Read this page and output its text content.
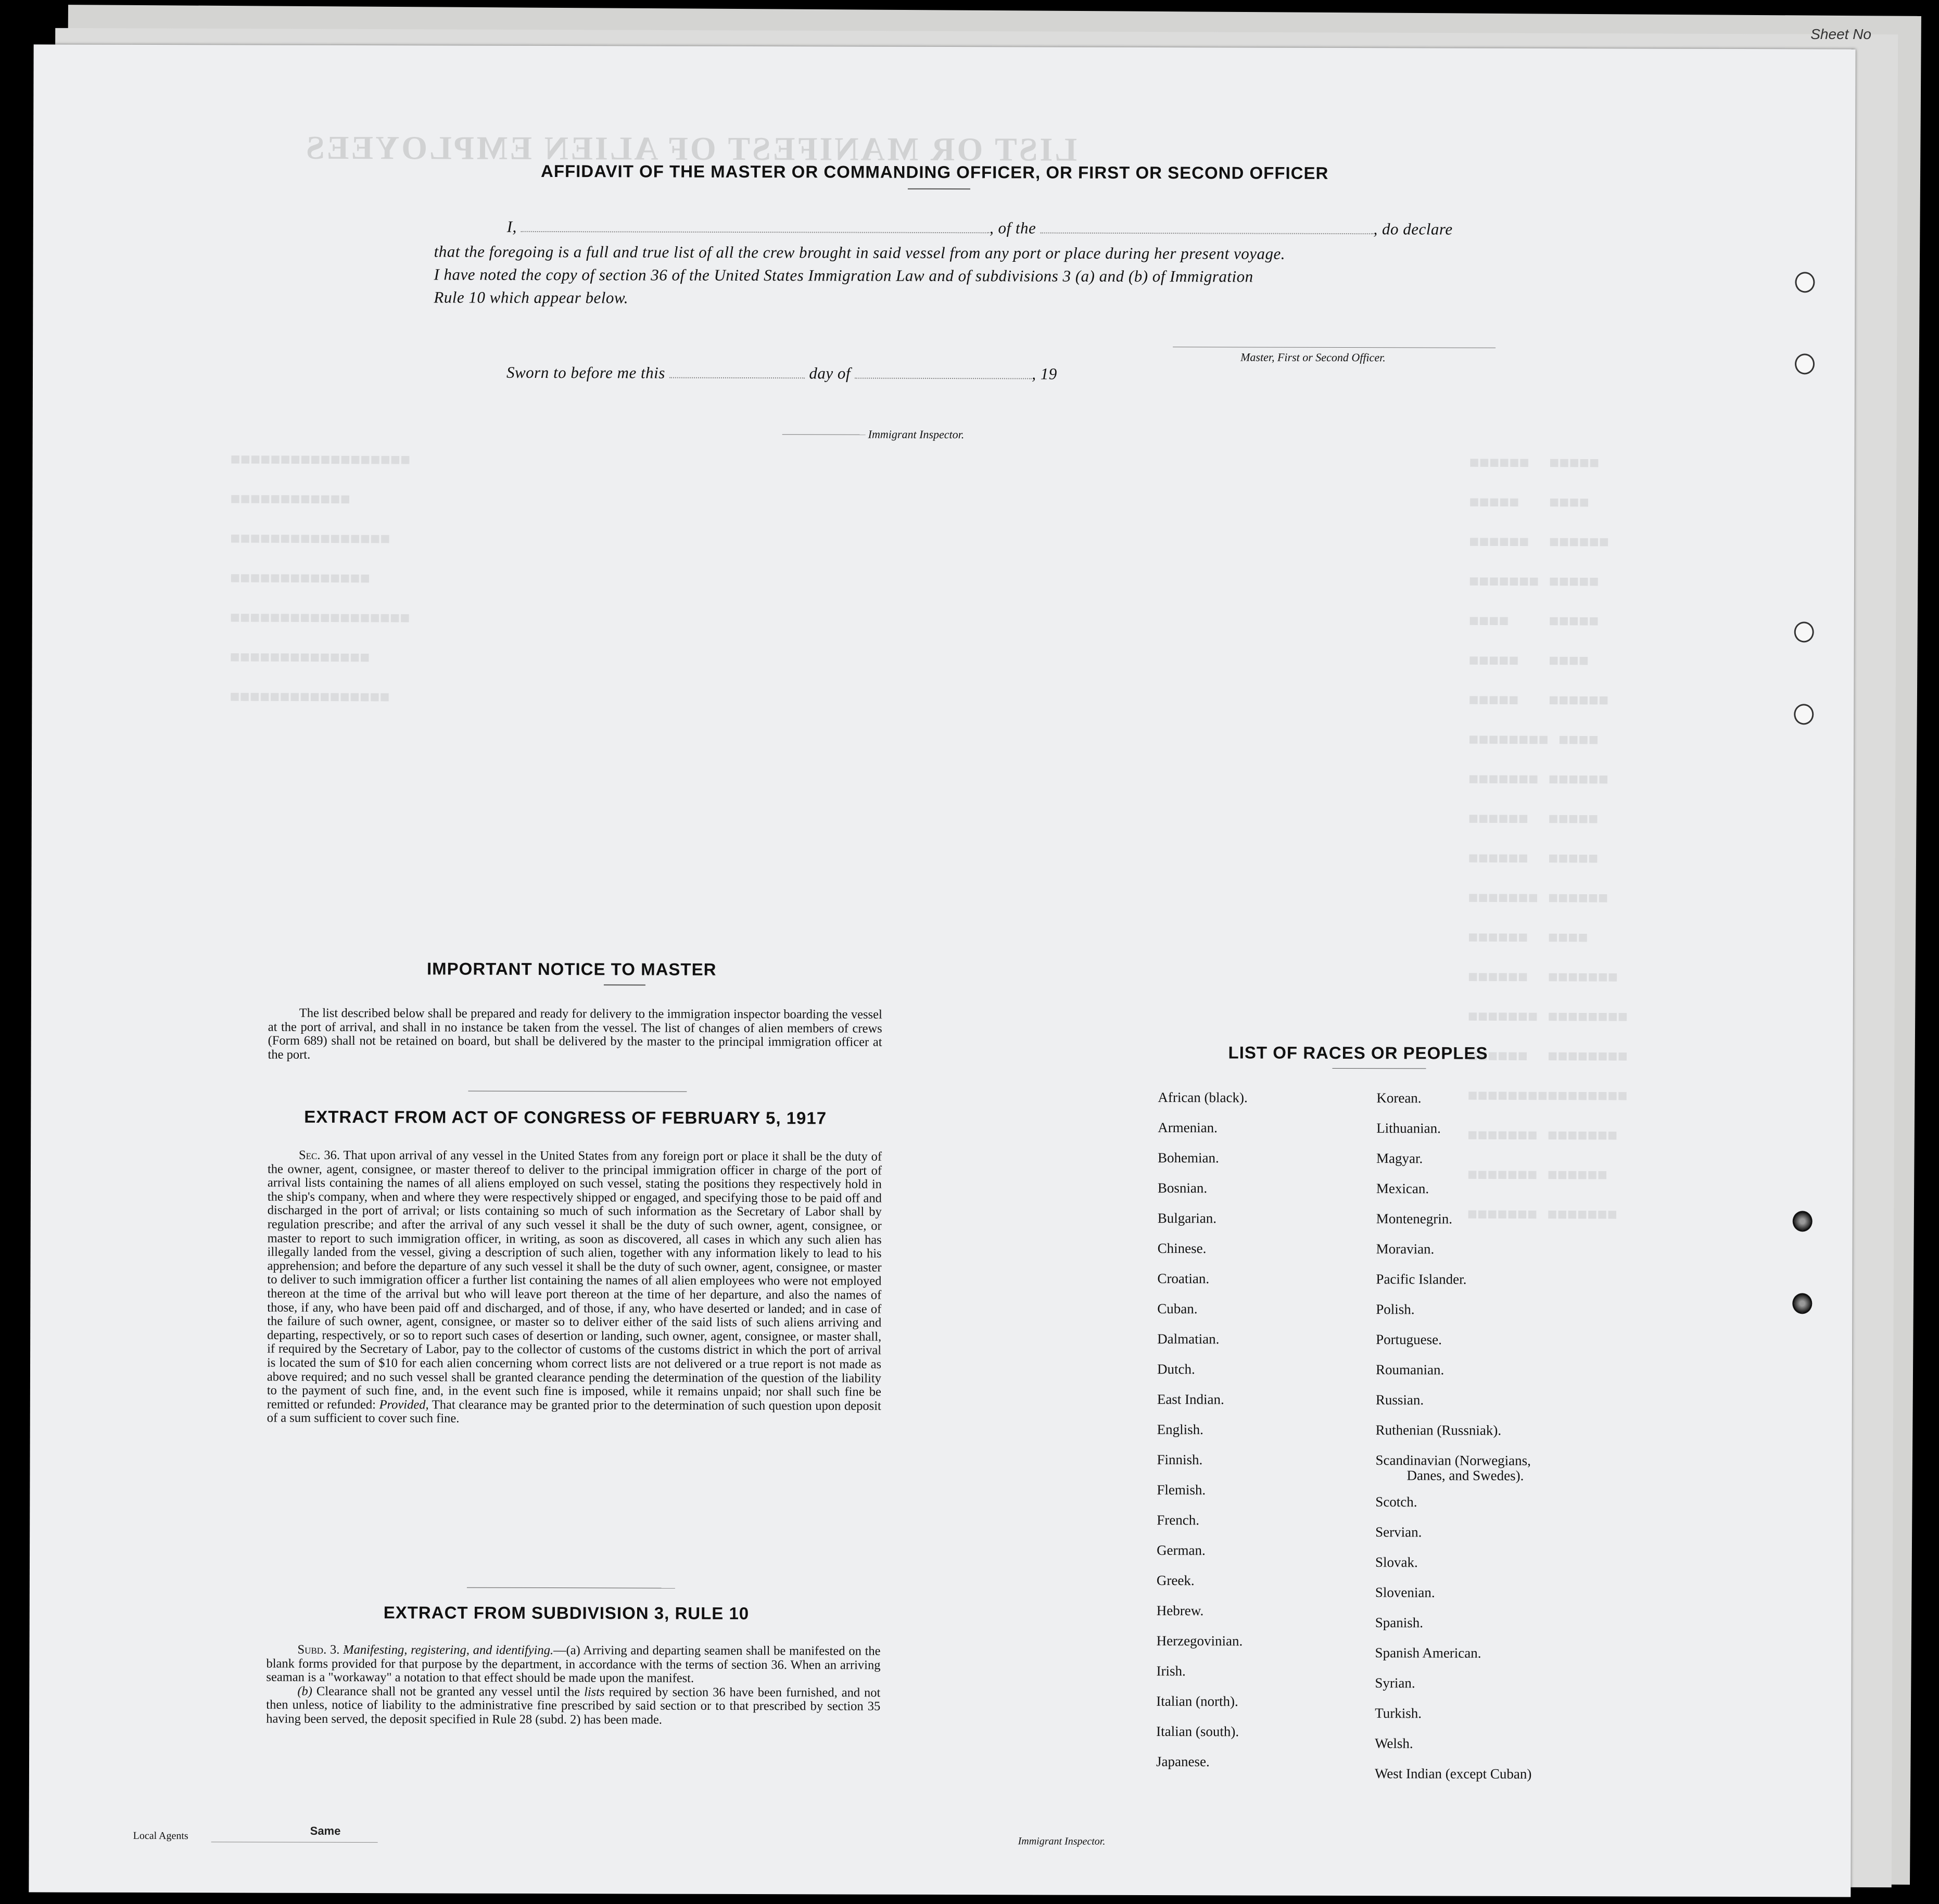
Sheet No
LIST OR MANIFEST OF ALIEN EMPLOYEES
■■■■■■■■■■■■■■■■■■
■■■■■■■■■■■■
■■■■■■■■■■■■■■■■
■■■■■■■■■■■■■■
■■■■■■■■■■■■■■■■■■
■■■■■■■■■■■■■■
■■■■■■■■■■■■■■■■
■■■■■■  ■■■■■
■■■■■   ■■■■
■■■■■■  ■■■■■■
■■■■■■■ ■■■■■
■■■■    ■■■■■
■■■■■   ■■■■
■■■■■   ■■■■■■
■■■■■■■■ ■■■■
■■■■■■■ ■■■■■■
■■■■■■  ■■■■■
■■■■■■  ■■■■■
■■■■■■■ ■■■■■■
■■■■■■  ■■■■
■■■■■■  ■■■■■■■
■■■■■■■ ■■■■■■■■
■■■■■■  ■■■■■■■■
■■■■■■■■■■■■■■■■
■■■■■■■ ■■■■■■■
■■■■■■■ ■■■■■■
■■■■■■■ ■■■■■■■
AFFIDAVIT OF THE MASTER OR COMMANDING OFFICER, OR FIRST OR SECOND OFFICER
I,	, of the	, do declare
that the foregoing is a full and true list of all the crew brought in said vessel from any port or place during her present voyage.
I have noted the copy of section 36 of the United States Immigration Law and of subdivisions 3 (a) and (b) of Immigration
Rule 10 which appear below.
Master, First or Second Officer.
Sworn to before me this	day of	, 19
Immigrant Inspector.
IMPORTANT NOTICE TO MASTER

The list described below shall be prepared and ready for delivery to the immigration inspector boarding the vessel at the port of arrival, and shall in no instance be taken from the vessel. The list of changes of alien members of crews (Form 689) shall not be retained on board, but shall be delivered by the master to the principal immigration officer at the port.

EXTRACT FROM ACT OF CONGRESS OF FEBRUARY 5, 1917

Sec. 36. That upon arrival of any vessel in the United States from any foreign port or place it shall be the duty of the owner, agent, consignee, or master thereof to deliver to the principal immigration officer in charge of the port of arrival lists containing the names of all aliens employed on such vessel, stating the positions they respectively hold in the ship's company, when and where they were respectively shipped or engaged, and specifying those to be paid off and discharged in the port of arrival; or lists containing so much of such information as the Secretary of Labor shall by regulation prescribe; and after the arrival of any such vessel it shall be the duty of such owner, agent, consignee, or master to report to such immigration officer, in writing, as soon as discovered, all cases in which any such alien has illegally landed from the vessel, giving a description of such alien, together with any information likely to lead to his apprehension; and before the departure of any such vessel it shall be the duty of such owner, agent, consignee, or master to deliver to such immigration officer a further list containing the names of all alien employees who were not employed thereon at the time of the arrival but who will leave port thereon at the time of her departure, and also the names of those, if any, who have been paid off and discharged, and of those, if any, who have deserted or landed; and in case of the failure of such owner, agent, consignee, or master so to deliver either of the said lists of such aliens arriving and departing, respectively, or so to report such cases of desertion or landing, such owner, agent, consignee, or master shall, if required by the Secretary of Labor, pay to the collector of customs of the customs district in which the port of arrival is located the sum of $10 for each alien concerning whom correct lists are not delivered or a true report is not made as above required; and no such vessel shall be granted clearance pending the determination of the question of the liability to the payment of such fine, and, in the event such fine is imposed, while it remains unpaid; nor shall such fine be remitted or refunded: Provided, That clearance may be granted prior to the determination of such question upon deposit of a sum sufficient to cover such fine.

EXTRACT FROM SUBDIVISION 3, RULE 10

Subd. 3. Manifesting, registering, and identifying.—(a) Arriving and departing seamen shall be manifested on the blank forms provided for that purpose by the department, in accordance with the terms of section 36. When an arriving seaman is a "workaway" a notation to that effect should be made upon the manifest.

(b) Clearance shall not be granted any vessel until the lists required by section 36 have been furnished, and not then unless, notice of liability to the administrative fine prescribed by said section or to that prescribed by section 35 having been served, the deposit specified in Rule 28 (subd. 2) has been made.

LIST OF RACES OR PEOPLES
African (black).
Armenian.
Bohemian.
Bosnian.
Bulgarian.
Chinese.
Croatian.
Cuban.
Dalmatian.
Dutch.
East Indian.
English.
Finnish.
Flemish.
French.
German.
Greek.
Hebrew.
Herzegovinian.
Irish.
Italian (north).
Italian (south).
Japanese.
Korean.
Lithuanian.
Magyar.
Mexican.
Montenegrin.
Moravian.
Pacific Islander.
Polish.
Portuguese.
Roumanian.
Russian.
Ruthenian (Russniak).
Scandinavian (Norwegians,
Danes, and Swedes).
Scotch.
Servian.
Slovak.
Slovenian.
Spanish.
Spanish American.
Syrian.
Turkish.
Welsh.
West Indian (except Cuban)
Local Agents	Same
Immigrant Inspector.
